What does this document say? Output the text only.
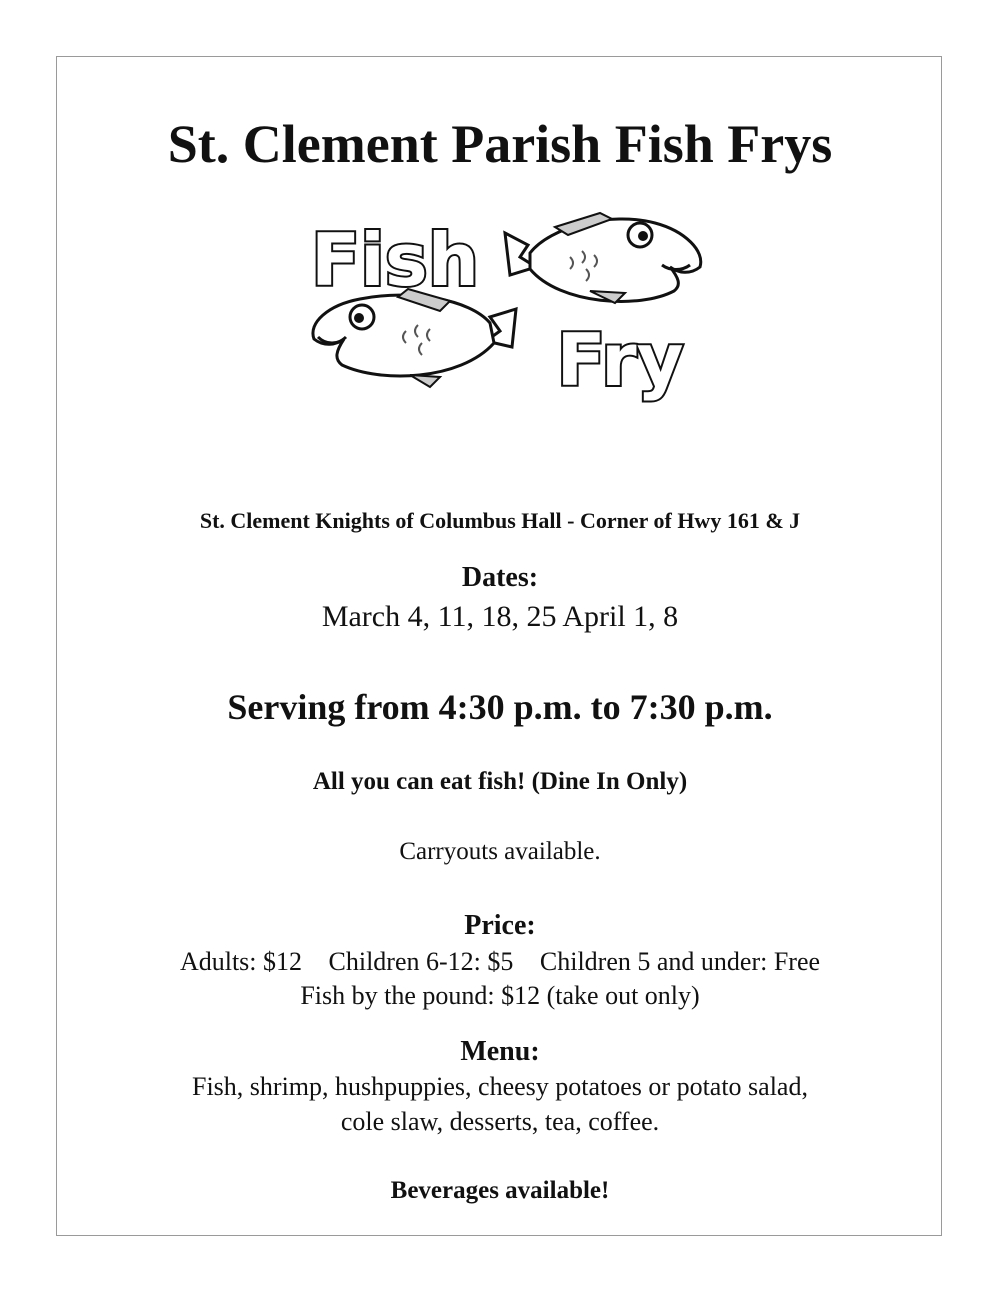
St. Clement Parish Fish Frys
Fish
Fry
St. Clement Knights of Columbus Hall - Corner of Hwy 161 & J
Dates:
March 4, 11, 18, 25 April 1, 8
Serving from 4:30 p.m. to 7:30 p.m.
All you can eat fish! (Dine In Only)
Carryouts available.
Price:
Adults: $12 Children 6-12: $5 Children 5 and under: Free
Fish by the pound: $12 (take out only)
Menu:
Fish, shrimp, hushpuppies, cheesy potatoes or potato salad,
cole slaw, desserts, tea, coffee.
Beverages available!
